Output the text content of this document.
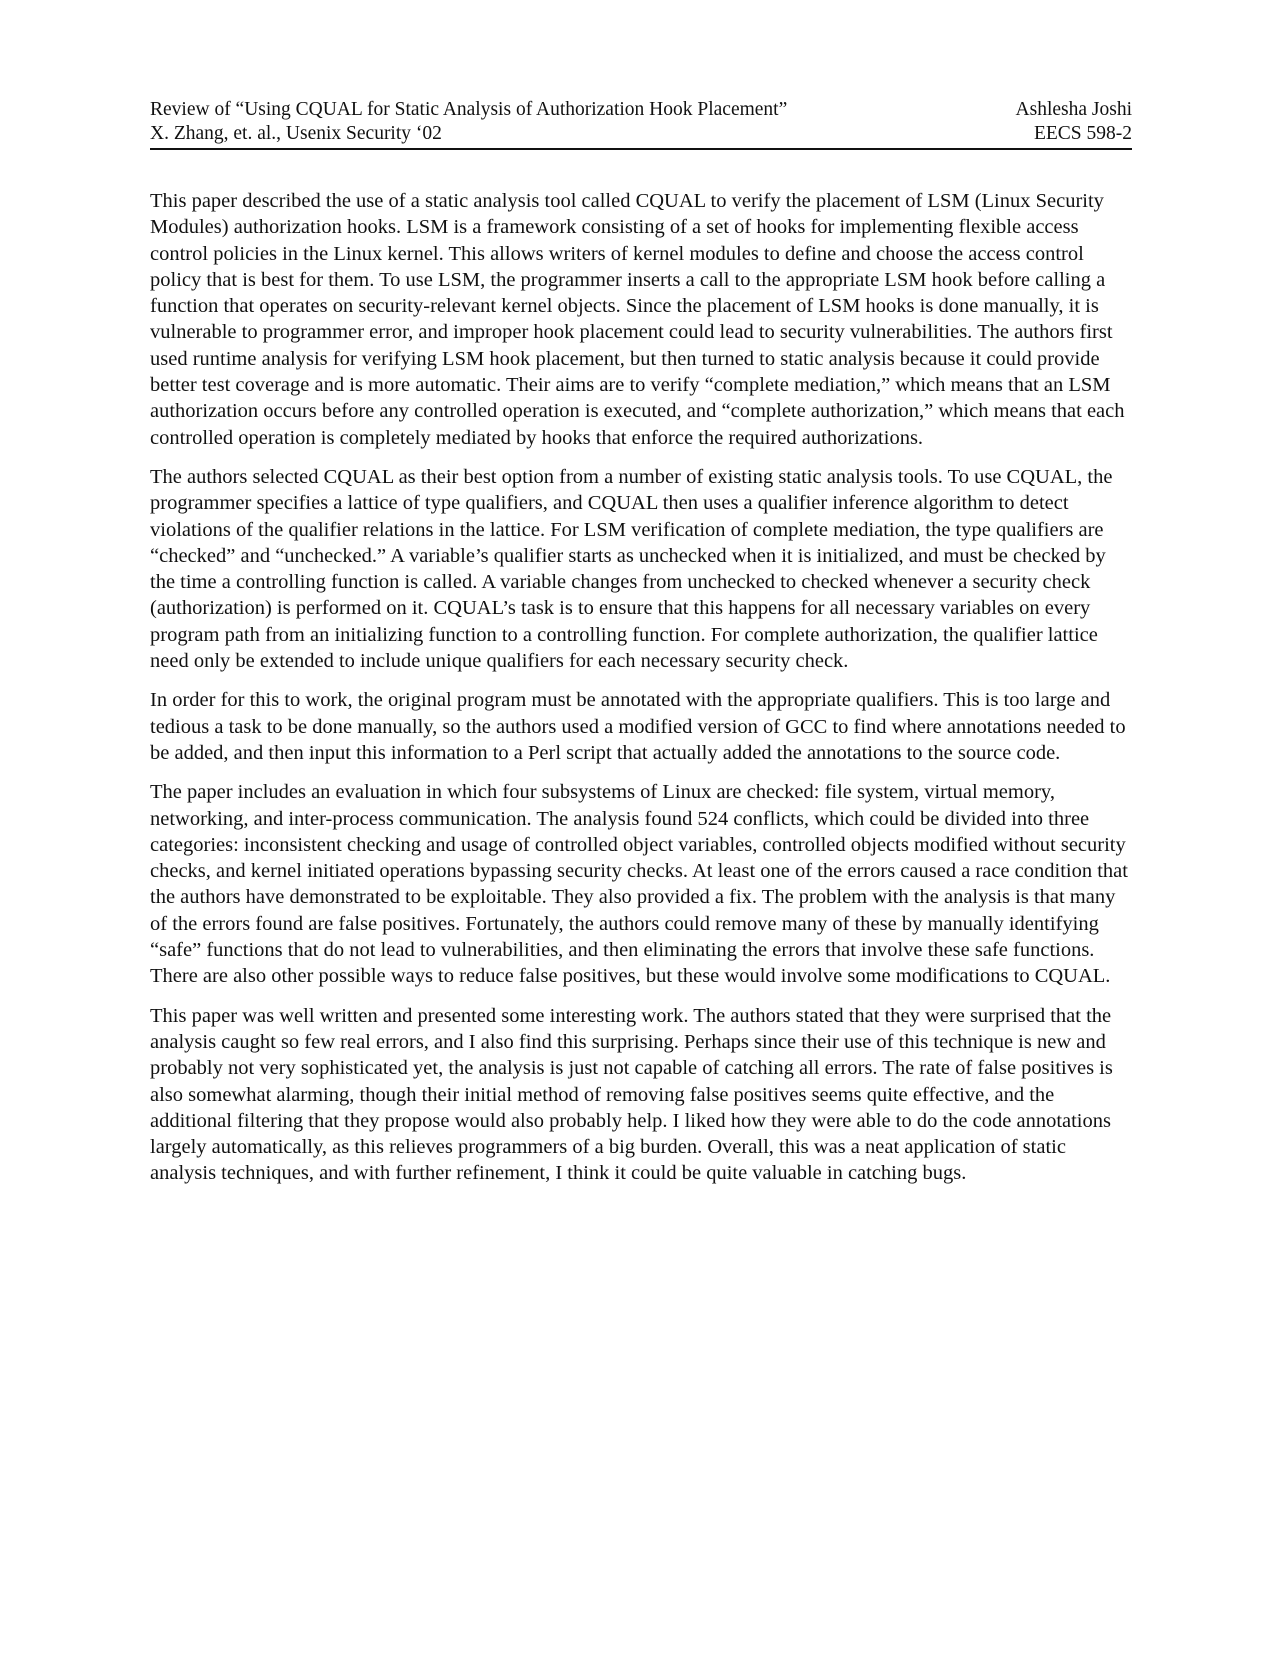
Review of “Using CQUAL for Static Analysis of Authorization Hook Placement”
X. Zhang, et. al., Usenix Security ‘02
Ashlesha Joshi
EECS 598-2

This paper described the use of a static analysis tool called CQUAL to verify the placement of LSM (Linux Security Modules) authorization hooks. LSM is a framework consisting of a set of hooks for implementing flexible access control policies in the Linux kernel. This allows writers of kernel modules to define and choose the access control policy that is best for them. To use LSM, the programmer inserts a call to the appropriate LSM hook before calling a function that operates on security-relevant kernel objects. Since the placement of LSM hooks is done manually, it is vulnerable to programmer error, and improper hook placement could lead to security vulnerabilities. The authors first used runtime analysis for verifying LSM hook placement, but then turned to static analysis because it could provide better test coverage and is more automatic. Their aims are to verify “complete mediation,” which means that an LSM authorization occurs before any controlled operation is executed, and “complete authorization,” which means that each controlled operation is completely mediated by hooks that enforce the required authorizations.

The authors selected CQUAL as their best option from a number of existing static analysis tools. To use CQUAL, the programmer specifies a lattice of type qualifiers, and CQUAL then uses a qualifier inference algorithm to detect violations of the qualifier relations in the lattice. For LSM verification of complete mediation, the type qualifiers are “checked” and “unchecked.” A variable’s qualifier starts as unchecked when it is initialized, and must be checked by the time a controlling function is called. A variable changes from unchecked to checked whenever a security check (authorization) is performed on it. CQUAL’s task is to ensure that this happens for all necessary variables on every program path from an initializing function to a controlling function. For complete authorization, the qualifier lattice need only be extended to include unique qualifiers for each necessary security check.

In order for this to work, the original program must be annotated with the appropriate qualifiers. This is too large and tedious a task to be done manually, so the authors used a modified version of GCC to find where annotations needed to be added, and then input this information to a Perl script that actually added the annotations to the source code.

The paper includes an evaluation in which four subsystems of Linux are checked: file system, virtual memory, networking, and inter-process communication. The analysis found 524 conflicts, which could be divided into three categories: inconsistent checking and usage of controlled object variables, controlled objects modified without security checks, and kernel initiated operations bypassing security checks. At least one of the errors caused a race condition that the authors have demonstrated to be exploitable. They also provided a fix. The problem with the analysis is that many of the errors found are false positives. Fortunately, the authors could remove many of these by manually identifying “safe” functions that do not lead to vulnerabilities, and then eliminating the errors that involve these safe functions. There are also other possible ways to reduce false positives, but these would involve some modifications to CQUAL.

This paper was well written and presented some interesting work. The authors stated that they were surprised that the analysis caught so few real errors, and I also find this surprising. Perhaps since their use of this technique is new and probably not very sophisticated yet, the analysis is just not capable of catching all errors. The rate of false positives is also somewhat alarming, though their initial method of removing false positives seems quite effective, and the additional filtering that they propose would also probably help. I liked how they were able to do the code annotations largely automatically, as this relieves programmers of a big burden. Overall, this was a neat application of static analysis techniques, and with further refinement, I think it could be quite valuable in catching bugs.
